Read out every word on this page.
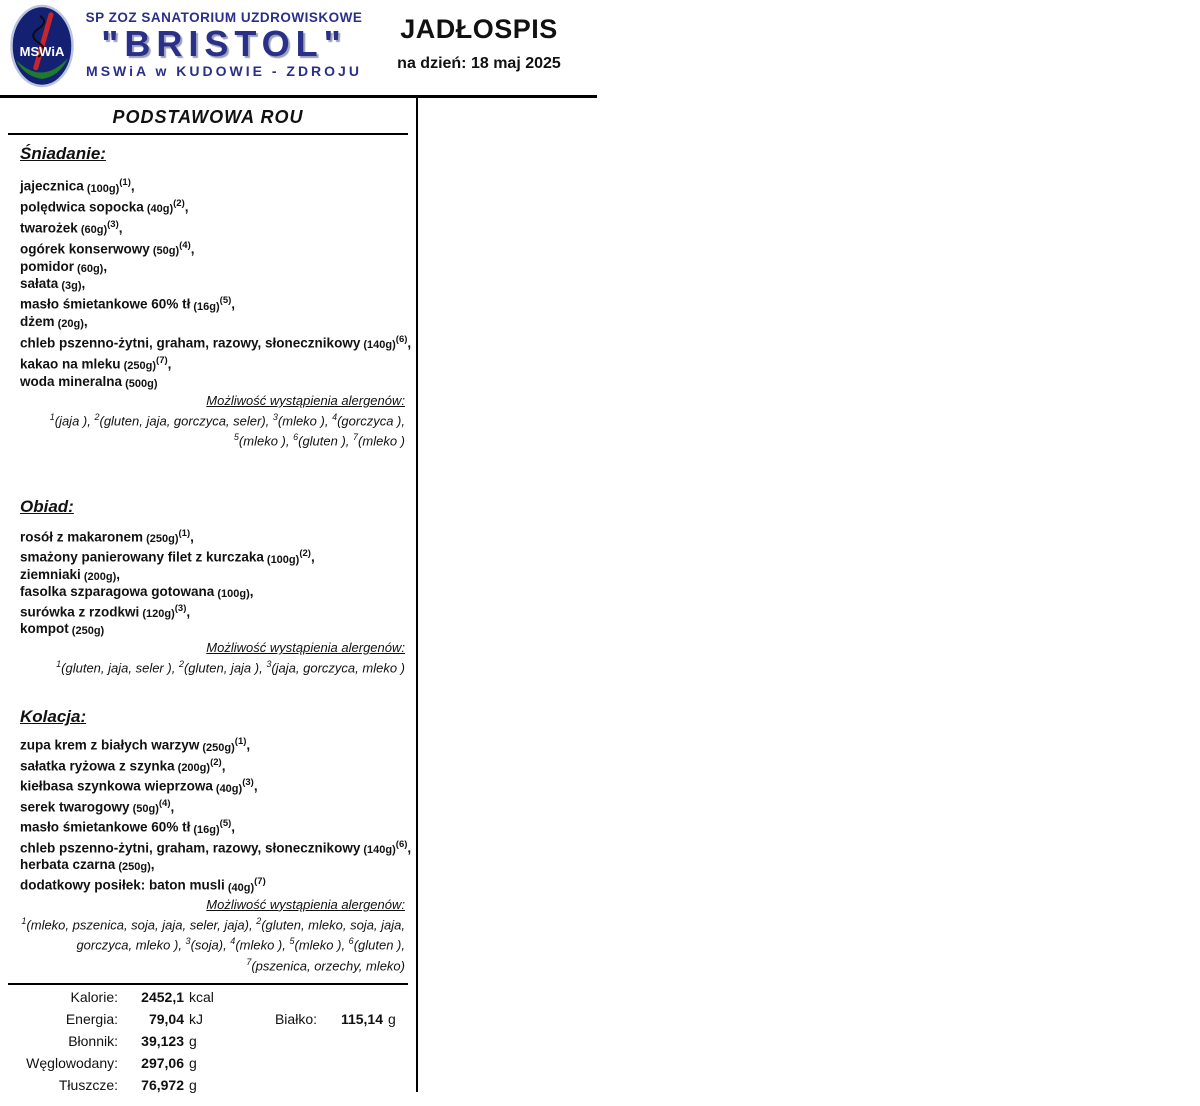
MSWiA
SP ZOZ SANATORIUM UZDROWISKOWE
"BRISTOL"
MSWiA w KUDOWIE - ZDROJU
JADŁOSPIS
na dzień: 18 maj 2025
PODSTAWOWA ROU
Śniadanie:
jajecznica $(100g)^{(1)}$,
polędwica sopocka $(40g)^{(2)}$,
twarożek $(60g)^{(3)}$,
ogórek konserwowy $(50g)^{(4)}$,
pomidor (60g),
sałata (3g),
masło śmietankowe 60% tł $(16g)^{(5)}$,
dżem (20g),
chleb pszenno-żytni, graham, razowy, słonecznikowy $(140g)^{(6)}$,
kakao na mleku $(250g)^{(7)}$,
woda mineralna (500g)
Możliwość wystąpienia alergenów:
$^1$(jaja ), $^2$(gluten, jaja, gorczyca, seler), $^3$(mleko ), $^4$(gorczyca ), $^5$(mleko ), $^6$(gluten ), $^7$(mleko )
Obiad:
rosół z makaronem $(250g)^{(1)}$,
smażony panierowany filet z kurczaka $(100g)^{(2)}$,
ziemniaki (200g),
fasolka szparagowa gotowana (100g),
surówka z rzodkwi $(120g)^{(3)}$,
kompot (250g)
Możliwość wystąpienia alergenów:
$^1$(gluten, jaja, seler ), $^2$(gluten, jaja ), $^3$(jaja, gorczyca, mleko )
Kolacja:
zupa krem z białych warzyw $(250g)^{(1)}$,
sałatka ryżowa z szynka $(200g)^{(2)}$,
kiełbasa szynkowa wieprzowa $(40g)^{(3)}$,
serek twarogowy $(50g)^{(4)}$,
masło śmietankowe 60% tł $(16g)^{(5)}$,
chleb pszenno-żytni, graham, razowy, słonecznikowy $(140g)^{(6)}$,
herbata czarna (250g),
dodatkowy posiłek: baton musli $(40g)^{(7)}$
Możliwość wystąpienia alergenów:
$^1$(mleko, pszenica, soja, jaja, seler, jaja), $^2$(gluten, mleko, soja, jaja, gorczyca, mleko ), $^3$(soja), $^4$(mleko ), $^5$(mleko ), $^6$(gluten ), $^7$(pszenica, orzechy, mleko)
Kalorie:	2452,1 kcal
Energia:	79,04 kJ	Białko:	115,14 g
Błonnik:	39,123 g
Węglowodany:	297,06 g
Tłuszcze:	76,972 g
